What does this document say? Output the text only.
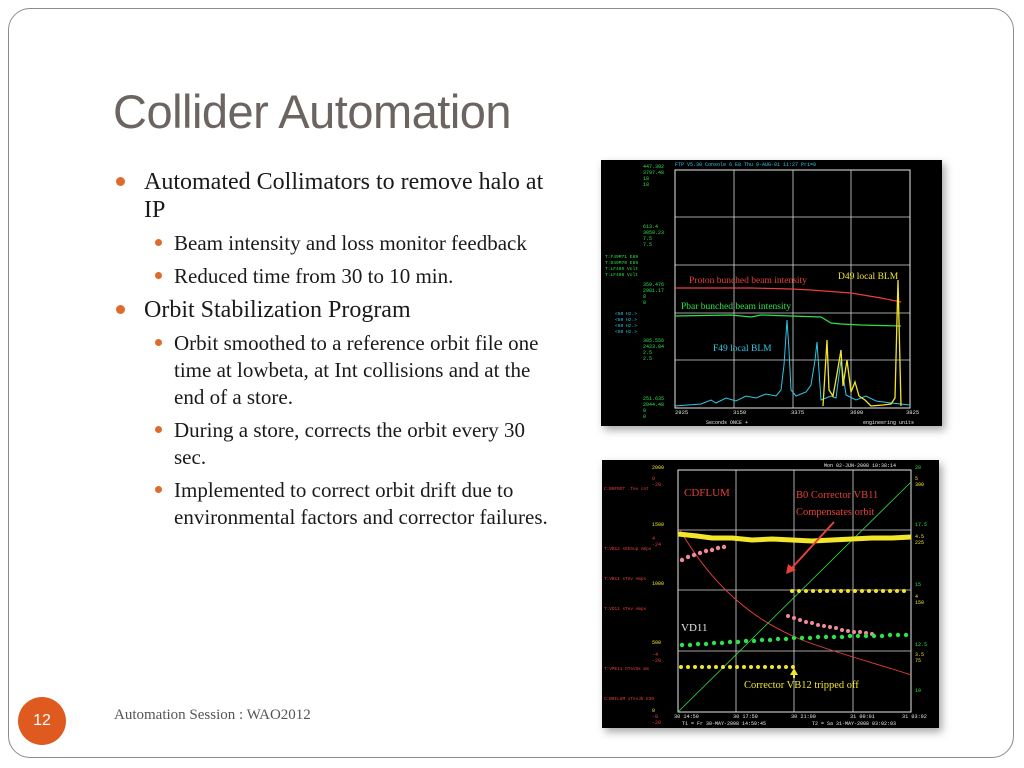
Collider Automation
Automated Collimators to remove halo at IP
Beam intensity and loss monitor feedback
Reduced time from 30 to 10 min.
Orbit Stabilization Program
Orbit smoothed to a reference orbit file one time at lowbeta, at Int collisions and at the end of a store.
During a store, corrects the orbit every 30 sec.
Implemented to correct orbit drift due to environmental factors and corrector failures.
FTP V5.30 Console 6 E8 Thu 9-AUG-01 11:27 Pri=0
447.302
3797.48
18
18
613.4
3059.23
7.5
7.5
359.476
2981.17
8
8
305.556
2423.84
2.5
2.5
251.635
2044.48
0
0
T:F49M71 E89
T:D49M70 E89
T:LF49S Volt
T:LF498 Volt
<50 Hz.>
<50 Hz.>
<50 Hz.>
<50 Hz.>
Proton bunched beam intensity	D49 local BLM
Pbar bunched beam intensity
F49 local BLM
2925	3150	3375	3600	3825
Seconds ONCE +	engineering units
Mon 02-JUN-2008 10:38:14
2000
1500
1000
500
0
0
-20
4
-24
-4
-20
-8
-20
C:B0FBST .Tev cnt
T:VB12 sEESup Amps
T:VB11 sTev Amps
T:VD11 sTev Amps
T:VPE11 DTevSk mm
C:B0ILUM sTevJk E30
20
17.5
15
12.5
10
5
300
4.5
225
4
150
3.5
75
CDFLUM	B0 Corrector VB11
Compensates orbit
VD11
Corrector VB12 tripped off
30 14:50	30 17:59	30 21:00	31 00:01	31 03:02
T1 = Fr 30-MAY-2008 14:50:45	T2 = Sa 31-MAY-2008 03:02:03
Automation Session : WAO2012
12
